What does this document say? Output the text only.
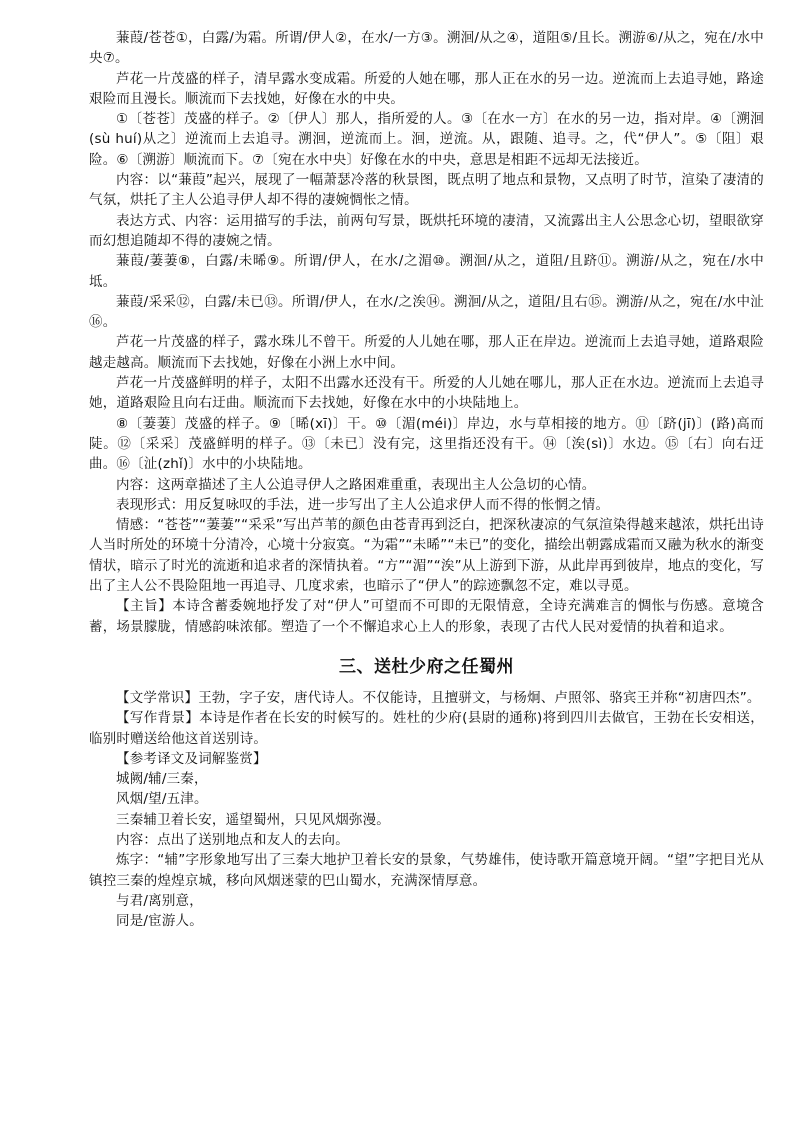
蒹葭/苍苍①，白露/为霜。所谓/伊人②，在水/一方③。溯洄/从之④，道阻⑤/且长。溯游⑥/从之，宛在/水中央⑦。

芦花一片茂盛的样子，清早露水变成霜。所爱的人她在哪，那人正在水的另一边。逆流而上去追寻她，路途艰险而且漫长。顺流而下去找她，好像在水的中央。

①〔苍苍〕茂盛的样子。②〔伊人〕那人，指所爱的人。③〔在水一方〕在水的另一边，指对岸。④〔溯洄(sù huí)从之〕逆流而上去追寻。溯洄，逆流而上。洄，逆流。从，跟随、追寻。之，代“伊人”。⑤〔阻〕艰险。⑥〔溯游〕顺流而下。⑦〔宛在水中央〕好像在水的中央，意思是相距不远却无法接近。

内容：以“蒹葭”起兴，展现了一幅萧瑟冷落的秋景图，既点明了地点和景物，又点明了时节，渲染了凄清的气氛，烘托了主人公追寻伊人却不得的凄婉惆怅之情。

表达方式、内容：运用描写的手法，前两句写景，既烘托环境的凄清，又流露出主人公思念心切，望眼欲穿而幻想追随却不得的凄婉之情。

蒹葭/萋萋⑧，白露/未晞⑨。所谓/伊人，在水/之湄⑩。溯洄/从之，道阻/且跻⑪。溯游/从之，宛在/水中坻。

蒹葭/采采⑫，白露/未已⑬。所谓/伊人，在水/之涘⑭。溯洄/从之，道阻/且右⑮。溯游/从之，宛在/水中沚⑯。

芦花一片茂盛的样子，露水珠儿不曾干。所爱的人儿她在哪，那人正在岸边。逆流而上去追寻她，道路艰险越走越高。顺流而下去找她，好像在小洲上水中间。

芦花一片茂盛鲜明的样子，太阳不出露水还没有干。所爱的人儿她在哪儿，那人正在水边。逆流而上去追寻她，道路艰险且向右迂曲。顺流而下去找她，好像在水中的小块陆地上。

⑧〔萋萋〕茂盛的样子。⑨〔晞(xī)〕干。⑩〔湄(méi)〕岸边，水与草相接的地方。⑪〔跻(jī)〕(路)高而陡。⑫〔采采〕茂盛鲜明的样子。⑬〔未已〕没有完，这里指还没有干。⑭〔涘(sì)〕水边。⑮〔右〕向右迂曲。⑯〔沚(zhǐ)〕水中的小块陆地。

内容：这两章描述了主人公追寻伊人之路困难重重，表现出主人公急切的心情。

表现形式：用反复咏叹的手法，进一步写出了主人公追求伊人而不得的怅惘之情。

情感：“苍苍”“萋萋”“采采”写出芦苇的颜色由苍青再到泛白，把深秋凄凉的气氛渲染得越来越浓，烘托出诗人当时所处的环境十分清冷，心境十分寂寞。“为霜”“未晞”“未已”的变化，描绘出朝露成霜而又融为秋水的渐变情状，暗示了时光的流逝和追求者的深情执着。“方”“湄”“涘”从上游到下游，从此岸再到彼岸，地点的变化，写出了主人公不畏险阻地一再追寻、几度求索，也暗示了“伊人”的踪迹飘忽不定，难以寻觅。

【主旨】本诗含蓄委婉地抒发了对“伊人”可望而不可即的无限情意，全诗充满难言的惆怅与伤感。意境含蓄，场景朦胧，情感韵味浓郁。塑造了一个不懈追求心上人的形象，表现了古代人民对爱情的执着和追求。

三、送杜少府之任蜀州

【文学常识】王勃，字子安，唐代诗人。不仅能诗，且擅骈文，与杨炯、卢照邻、骆宾王并称“初唐四杰”。

【写作背景】本诗是作者在长安的时候写的。姓杜的少府(县尉的通称)将到四川去做官，王勃在长安相送，临别时赠送给他这首送别诗。

【参考译文及词解鉴赏】

城阙/辅/三秦，

风烟/望/五津。

三秦辅卫着长安，遥望蜀州，只见风烟弥漫。

内容：点出了送别地点和友人的去向。

炼字：“辅”字形象地写出了三秦大地护卫着长安的景象，气势雄伟，使诗歌开篇意境开阔。“望”字把目光从镇控三秦的煌煌京城，移向风烟迷蒙的巴山蜀水，充满深情厚意。

与君/离别意，

同是/宦游人。
